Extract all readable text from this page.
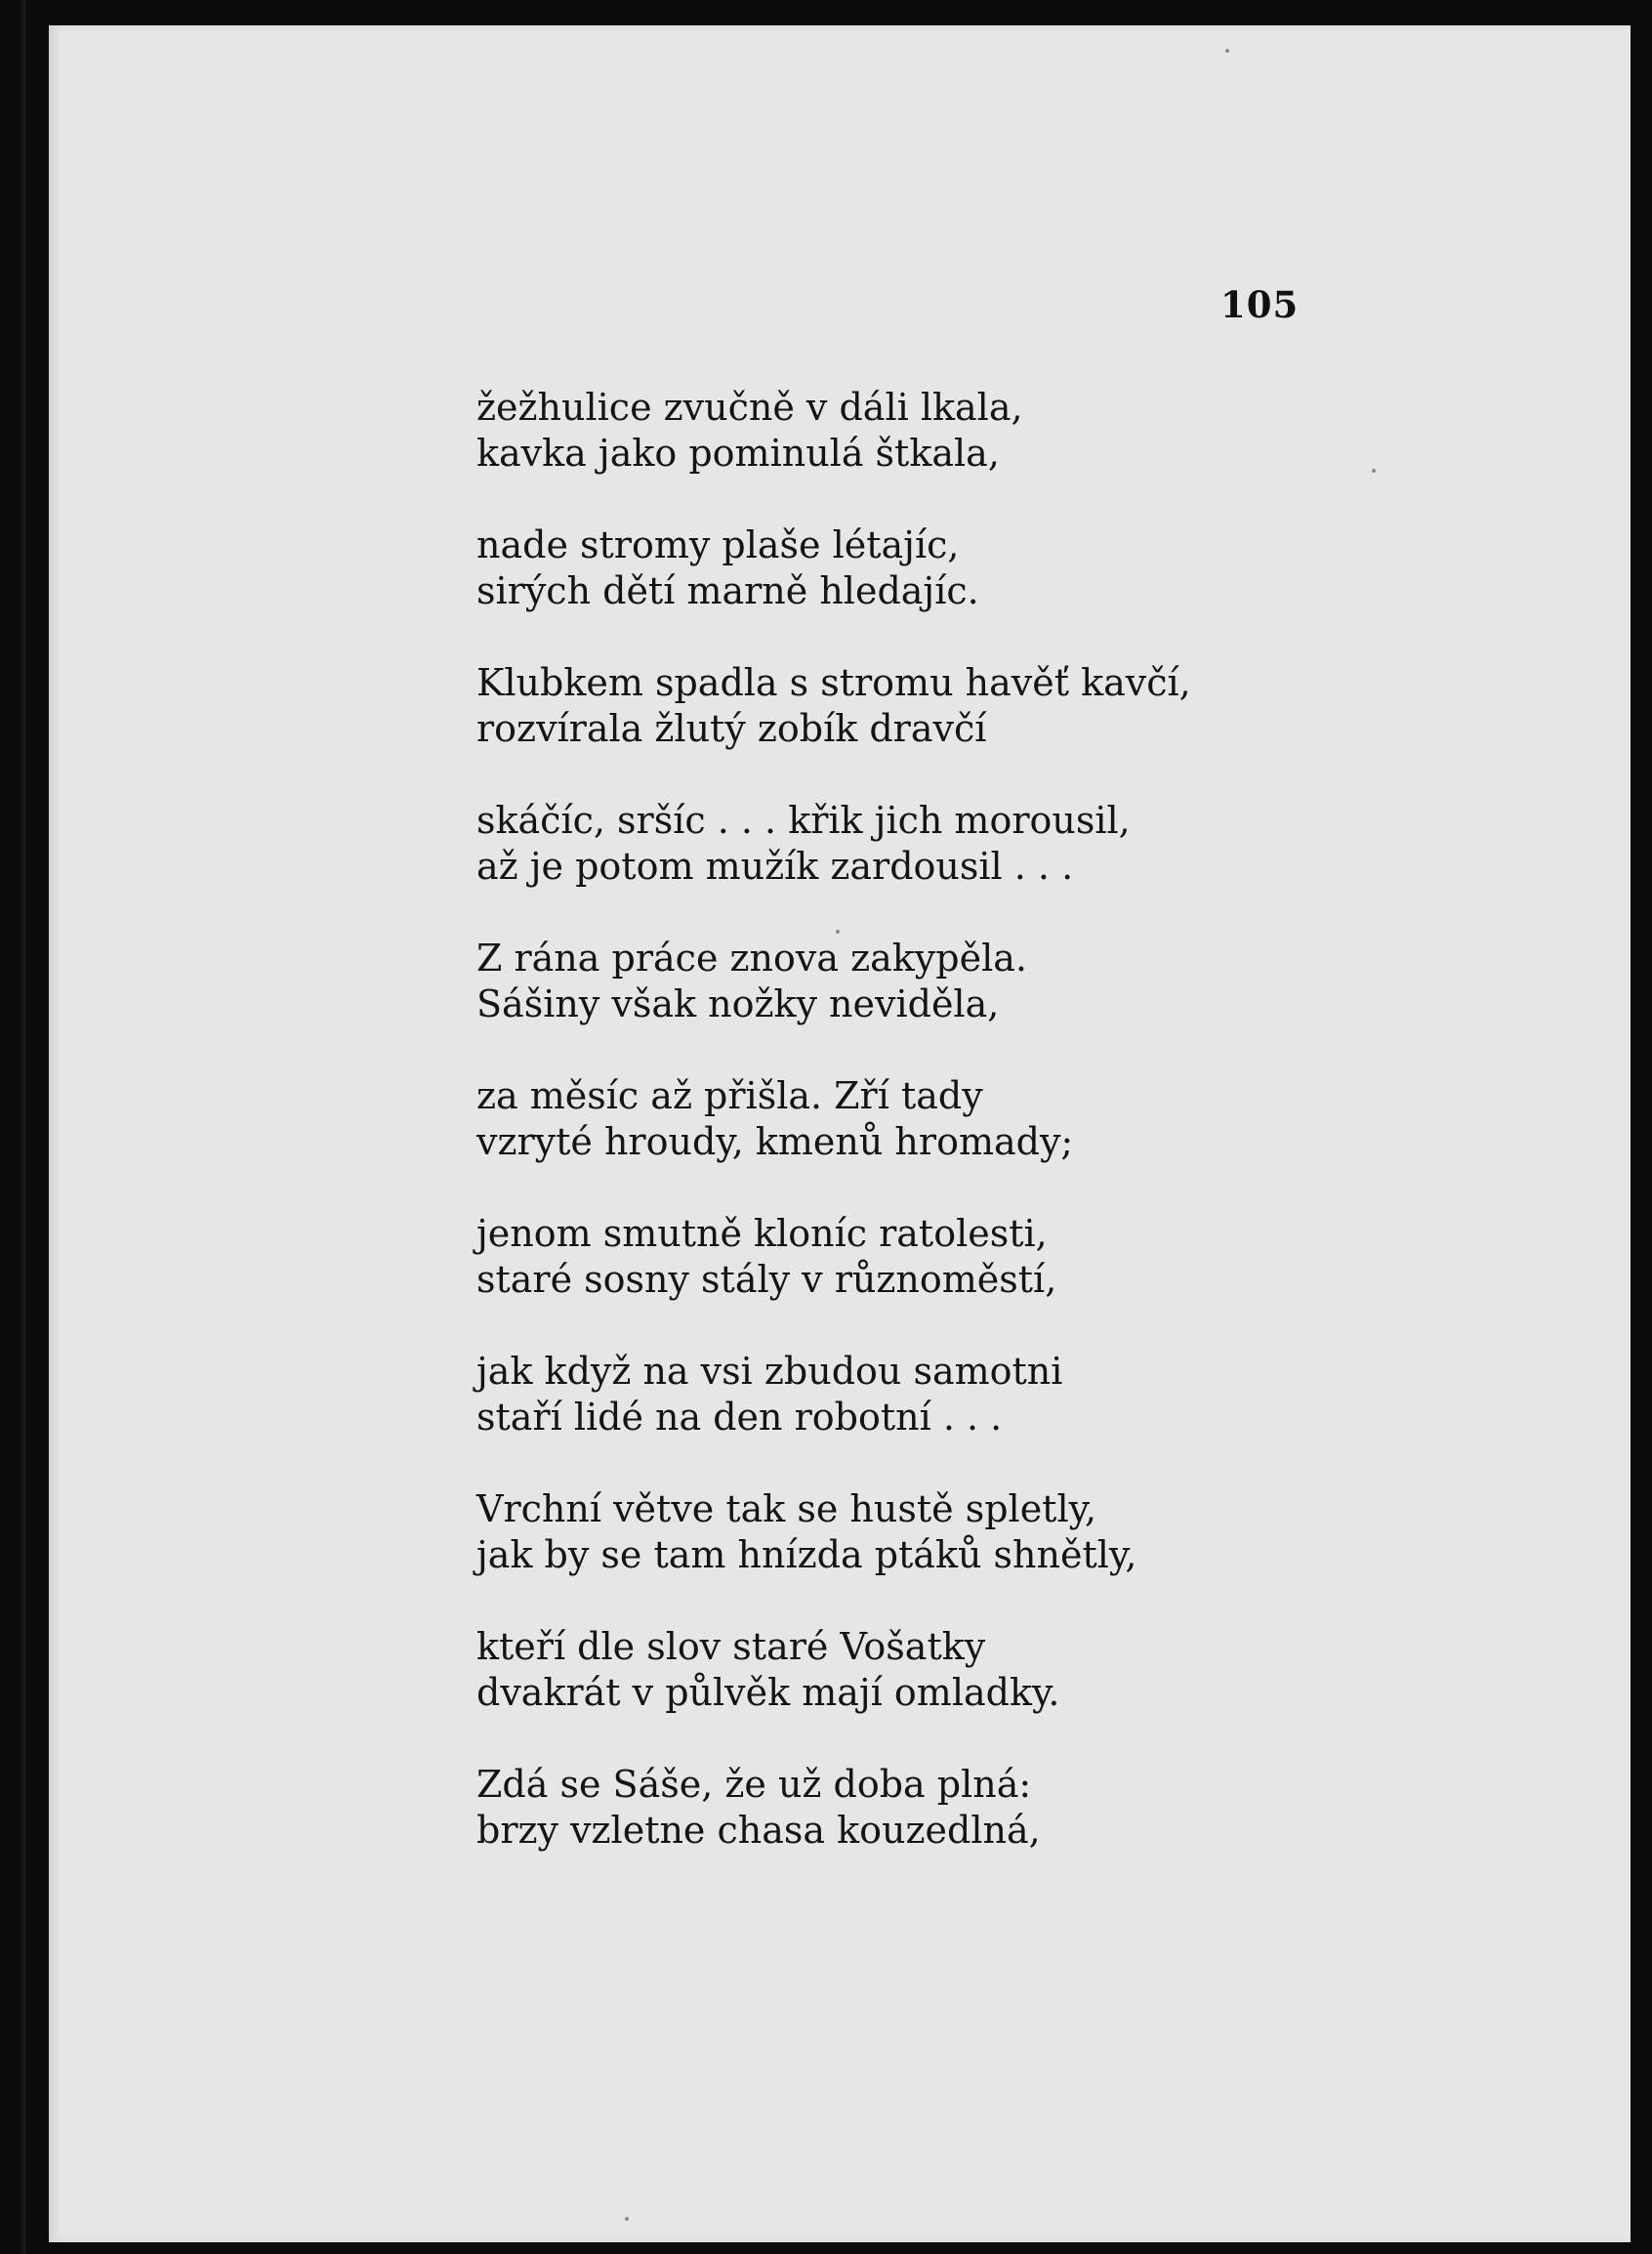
105
žežhulice zvučně v dáli lkala,
kavka jako pominulá štkala,
nade stromy plaše létajíc,
sirých dětí marně hledajíc.
Klubkem spadla s stromu havěť kavčí,
rozvírala žlutý zobík dravčí
skáčíc, sršíc . . . křik jich morousil,
až je potom mužík zardousil . . .
Z rána práce znova zakypěla.
Sášiny však nožky neviděla,
za měsíc až přišla. Zří tady
vzryté hroudy, kmenů hromady;
jenom smutně kloníc ratolesti,
staré sosny stály v různoměstí,
jak když na vsi zbudou samotni
staří lidé na den robotní . . .
Vrchní větve tak se hustě spletly,
jak by se tam hnízda ptáků shnětly,
kteří dle slov staré Vošatky
dvakrát v půlvěk mají omladky.
Zdá se Sáše, že už doba plná:
brzy vzletne chasa kouzedlná,
